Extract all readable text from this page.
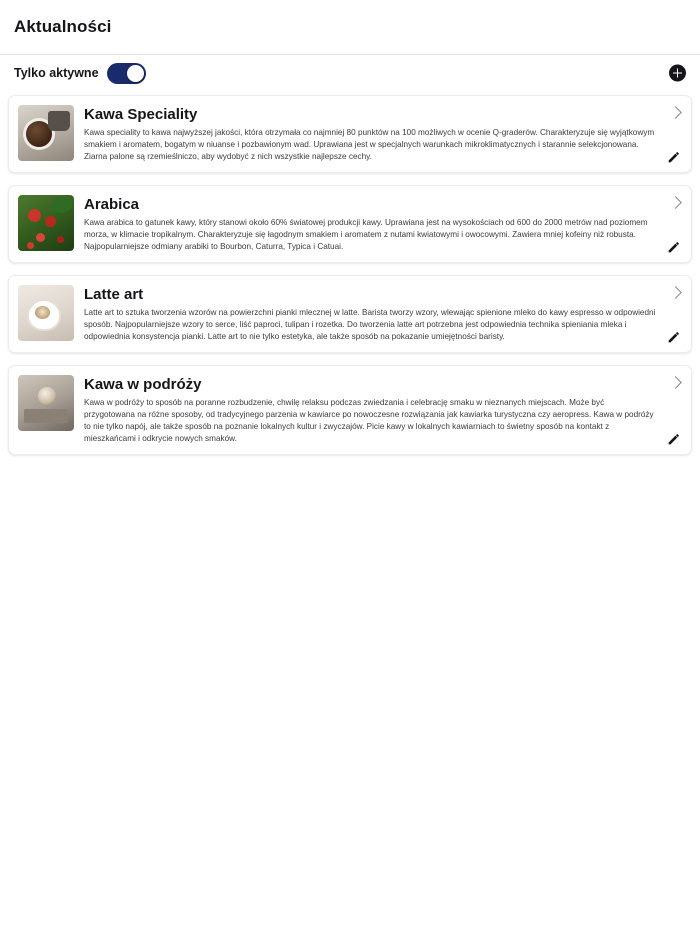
Aktualności
Tylko aktywne
Kawa Speciality

Kawa speciality to kawa najwyższej jakości, która otrzymała co najmniej 80 punktów na 100 możliwych w ocenie Q-graderów. Charakteryzuje się wyjątkowym smakiem i aromatem, bogatym w niuanse i pozbawionym wad. Uprawiana jest w specjalnych warunkach mikroklimatycznych i starannie selekcjonowana. Ziarna palone są rzemieślniczo, aby wydobyć z nich wszystkie najlepsze cechy.

Arabica

Kawa arabica to gatunek kawy, który stanowi około 60% światowej produkcji kawy. Uprawiana jest na wysokościach od 600 do 2000 metrów nad poziomem morza, w klimacie tropikalnym. Charakteryzuje się łagodnym smakiem i aromatem z nutami kwiatowymi i owocowymi. Zawiera mniej kofeiny niż robusta. Najpopularniejsze odmiany arabiki to Bourbon, Caturra, Typica i Catuai.

Latte art

Latte art to sztuka tworzenia wzorów na powierzchni pianki mlecznej w latte. Barista tworzy wzory, wlewając spienione mleko do kawy espresso w odpowiedni sposób. Najpopularniejsze wzory to serce, liść paproci, tulipan i rozetka. Do tworzenia latte art potrzebna jest odpowiednia technika spieniania mleka i odpowiednia konsystencja pianki. Latte art to nie tylko estetyka, ale także sposób na pokazanie umiejętności baristy.

Kawa w podróży

Kawa w podróży to sposób na poranne rozbudzenie, chwilę relaksu podczas zwiedzania i celebrację smaku w nieznanych miejscach. Może być przygotowana na różne sposoby, od tradycyjnego parzenia w kawiarce po nowoczesne rozwiązania jak kawiarka turystyczna czy aeropress. Kawa w podróży to nie tylko napój, ale także sposób na poznanie lokalnych kultur i zwyczajów. Picie kawy w lokalnych kawiarniach to świetny sposób na kontakt z mieszkańcami i odkrycie nowych smaków.
